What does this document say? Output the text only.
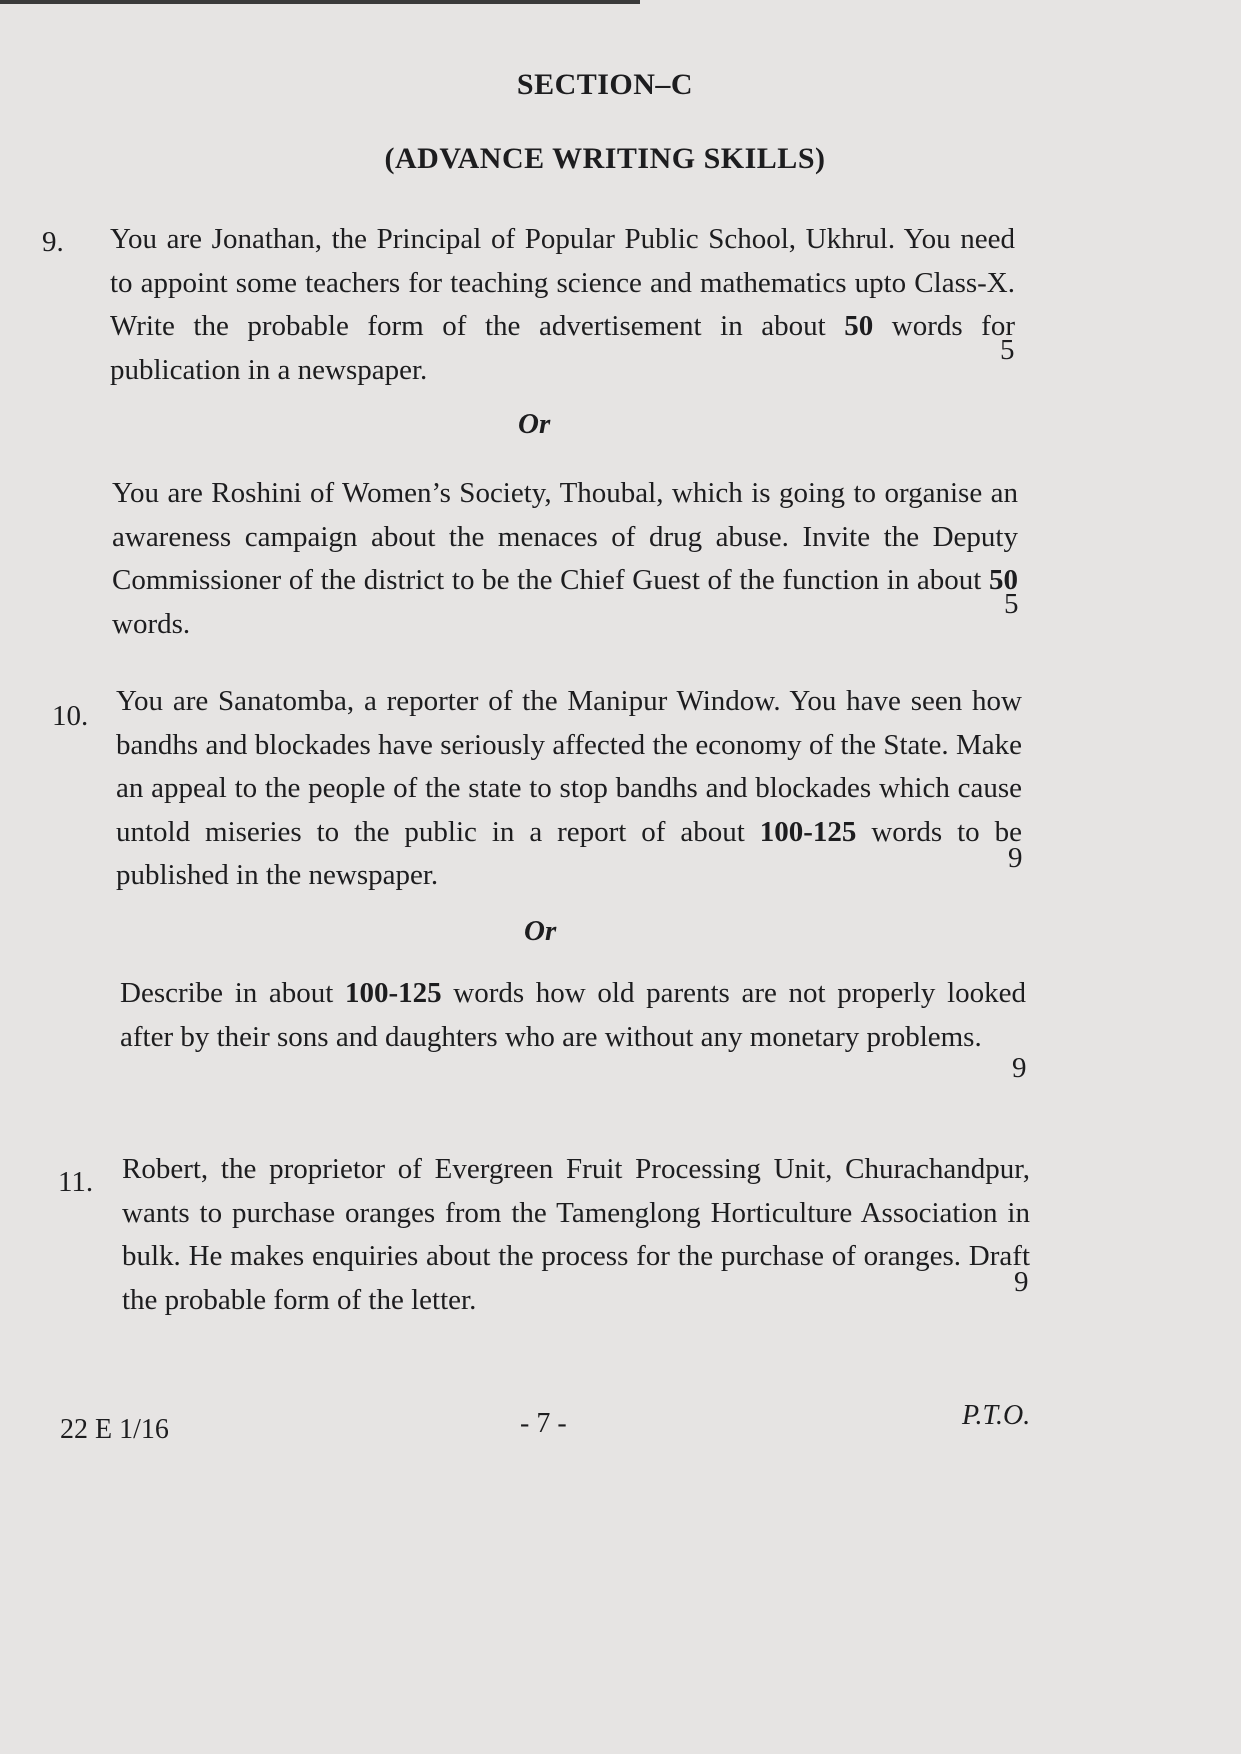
SECTION–C
(ADVANCE WRITING SKILLS)
9. You are Jonathan, the Principal of Popular Public School, Ukhrul. You need to appoint some teachers for teaching science and mathematics upto Class-X. Write the probable form of the advertisement in about 50 words for publication in a newspaper.
5
Or
You are Roshini of Women’s Society, Thoubal, which is going to organise an awareness campaign about the menaces of drug abuse. Invite the Deputy Commissioner of the district to be the Chief Guest of the function in about 50 words.
5
10. You are Sanatomba, a reporter of the Manipur Window. You have seen how bandhs and blockades have seriously affected the economy of the State. Make an appeal to the people of the state to stop bandhs and blockades which cause untold miseries to the public in a report of about 100-125 words to be published in the newspaper.
9
Or
Describe in about 100-125 words how old parents are not properly looked after by their sons and daughters who are without any monetary problems.
9
11. Robert, the proprietor of Evergreen Fruit Processing Unit, Churachandpur, wants to purchase oranges from the Tamenglong Horticulture Association in bulk. He makes enquiries about the process for the purchase of oranges. Draft the probable form of the letter.
9
22 E 1/16	- 7 -	P.T.O.
